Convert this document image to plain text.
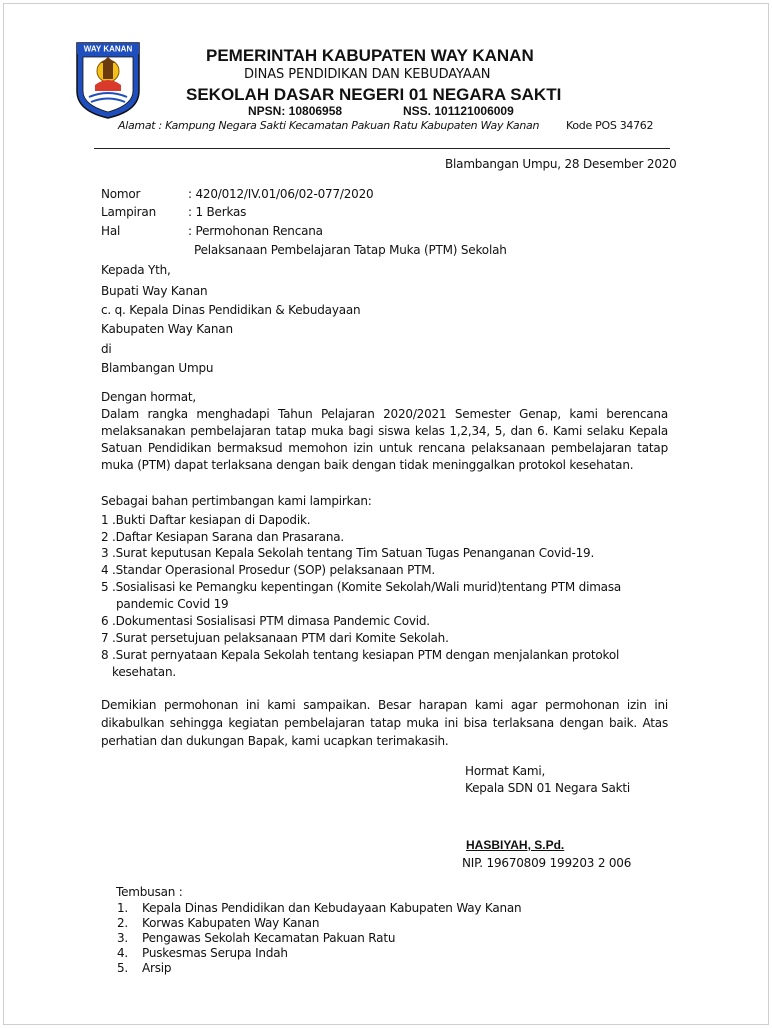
WAY KANAN	PEMERINTAH KABUPATEN WAY KANAN
DINAS PENDIDIKAN DAN KEBUDAYAAN
SEKOLAH DASAR NEGERI 01 NEGARA SAKTI
NPSN: 10806958	NSS. 101121006009
Alamat : Kampung Negara Sakti Kecamatan Pakuan Ratu Kabupaten Way Kanan Kode POS 34762
Blambangan Umpu, 28 Desember 2020
Nomor	: 420/012/IV.01/06/02-077/2020
Lampiran	: 1 Berkas
Hal	: Permohonan Rencana
Pelaksanaan Pembelajaran Tatap Muka (PTM) Sekolah
Kepada Yth,
Bupati Way Kanan
c. q. Kepala Dinas Pendidikan & Kebudayaan
Kabupaten Way Kanan
di
Blambangan Umpu
Dengan hormat,
Dalam rangka menghadapi Tahun Pelajaran 2020/2021 Semester Genap, kami berencana
melaksanakan pembelajaran tatap muka bagi siswa kelas 1,2,34, 5, dan 6. Kami selaku Kepala
Satuan Pendidikan bermaksud memohon izin untuk rencana pelaksanaan pembelajaran tatap
muka (PTM) dapat terlaksana dengan baik dengan tidak meninggalkan protokol kesehatan.
Sebagai bahan pertimbangan kami lampirkan:
1 .Bukti Daftar kesiapan di Dapodik.
2 .Daftar Kesiapan Sarana dan Prasarana.
3 .Surat keputusan Kepala Sekolah tentang Tim Satuan Tugas Penanganan Covid-19.
4 .Standar Operasional Prosedur (SOP) pelaksanaan PTM.
5 .Sosialisasi ke Pemangku kepentingan (Komite Sekolah/Wali murid)tentang PTM dimasa
pandemic Covid 19
6 .Dokumentasi Sosialisasi PTM dimasa Pandemic Covid.
7 .Surat persetujuan pelaksanaan PTM dari Komite Sekolah.
8 .Surat pernyataan Kepala Sekolah tentang kesiapan PTM dengan menjalankan protokol
kesehatan.
Demikian permohonan ini kami sampaikan. Besar harapan kami agar permohonan izin ini
dikabulkan sehingga kegiatan pembelajaran tatap muka ini bisa terlaksana dengan baik. Atas
perhatian dan dukungan Bapak, kami ucapkan terimakasih.
Hormat Kami,
Kepala SDN 01 Negara Sakti
HASBIYAH, S.Pd.
NIP. 19670809 199203 2 006
Tembusan :
1. Kepala Dinas Pendidikan dan Kebudayaan Kabupaten Way Kanan
2. Korwas Kabupaten Way Kanan
3. Pengawas Sekolah Kecamatan Pakuan Ratu
4. Puskesmas Serupa Indah
5. Arsip
